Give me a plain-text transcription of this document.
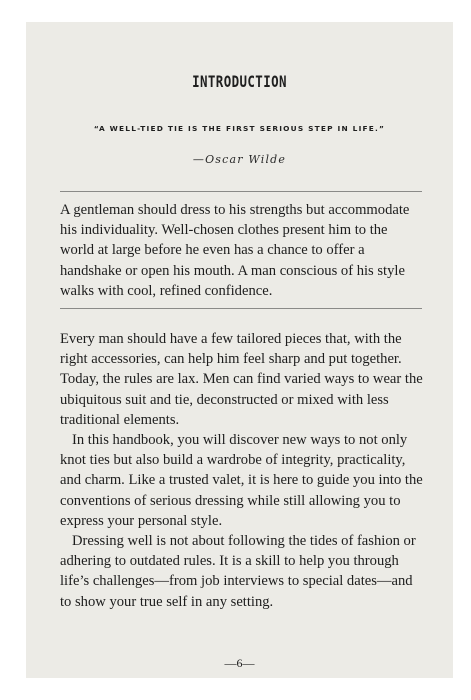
INTRODUCTION
“A WELL-TIED TIE IS THE FIRST SERIOUS STEP IN LIFE.”
—Oscar Wilde

A gentleman should dress to his strengths but accommodate his individuality. Well-chosen clothes present him to the world at large before he even has a chance to offer a handshake or open his mouth. A man conscious of his style walks with cool, refined confidence.

Every man should have a few tailored pieces that, with the right accessories, can help him feel sharp and put together. Today, the rules are lax. Men can find varied ways to wear the ubiquitous suit and tie, deconstructed or mixed with less traditional elements.

In this handbook, you will discover new ways to not only knot ties but also build a wardrobe of integrity, practicality, and charm. Like a trusted valet, it is here to guide you into the conventions of serious dressing while still allowing you to express your personal style.

Dressing well is not about following the tides of fashion or adhering to outdated rules. It is a skill to help you through life’s challenges—from job interviews to special dates—and to show your true self in any setting.

—6—
